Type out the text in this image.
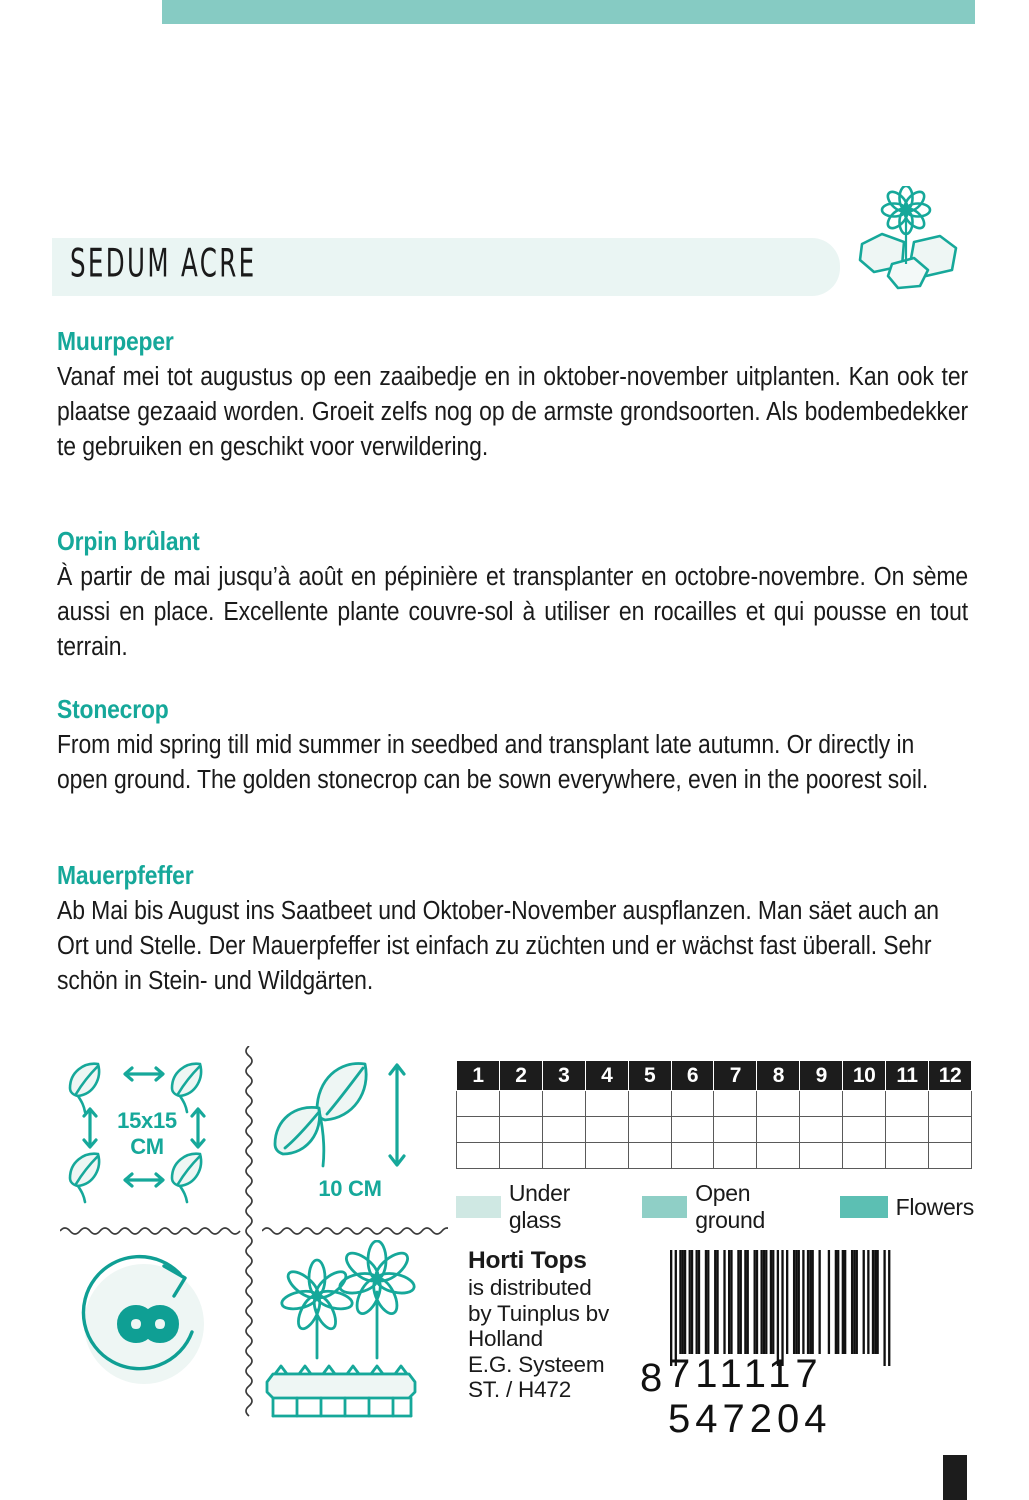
SEDUM ACRE
Muurpeper
Vanaf mei tot augustus op een zaaibedje en in oktober-november uitplanten. Kan ook ter plaatse gezaaid worden. Groeit zelfs nog op de armste grondsoorten. Als bodembedekker te gebruiken en geschikt voor verwildering.
Orpin brûlant
À partir de mai jusqu’à août en pépinière et transplanter en octobre-novembre. On sème aussi en place. Excellente plante couvre-sol à utiliser en rocailles et qui pousse en tout terrain.
Stonecrop
From mid spring till mid summer in seedbed and transplant late autumn. Or directly in open ground. The golden stonecrop can be sown everywhere, even in the poorest soil.
Mauerpfeffer
Ab Mai bis August ins Saatbeet und Oktober-November auspflanzen. Man säet auch an Ort und Stelle. Der Mauerpfeffer ist einfach zu züchten und er wächst fast überall. Sehr schön in Stein- und Wildgärten.
15x15
CM
10 CM
1	2	3	4	5	6	7	8	9	10	11	12

Under glass
Open ground
Flowers
Horti Tops
is distributed
by Tuinplus bv
Holland
E.G. Systeem
ST. / H472	8 711117 547204
